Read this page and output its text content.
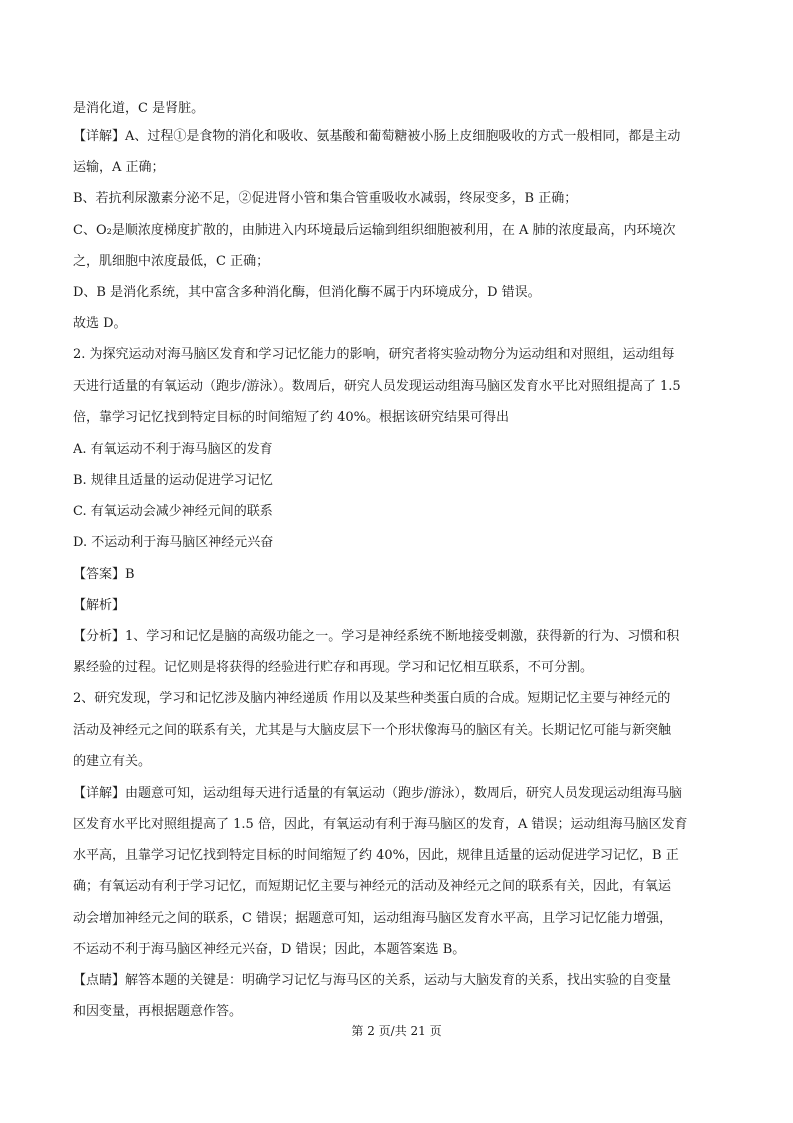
是消化道，C 是肾脏。
【详解】A、过程①是食物的消化和吸收、氨基酸和葡萄糖被小肠上皮细胞吸收的方式一般相同，都是主动
运输，A 正确；
B、若抗利尿激素分泌不足，②促进肾小管和集合管重吸收水减弱，终尿变多，B 正确；
C、O₂是顺浓度梯度扩散的，由肺进入内环境最后运输到组织细胞被利用，在 A 肺的浓度最高，内环境次
之，肌细胞中浓度最低，C 正确；
D、B 是消化系统，其中富含多种消化酶，但消化酶不属于内环境成分，D 错误。
故选 D。
2. 为探究运动对海马脑区发育和学习记忆能力的影响，研究者将实验动物分为运动组和对照组，运动组每
天进行适量的有氧运动（跑步/游泳）。数周后，研究人员发现运动组海马脑区发育水平比对照组提高了 1.5
倍，靠学习记忆找到特定目标的时间缩短了约 40%。根据该研究结果可得出
A. 有氧运动不利于海马脑区的发育
B. 规律且适量的运动促进学习记忆
C. 有氧运动会减少神经元间的联系
D. 不运动利于海马脑区神经元兴奋
【答案】B
【解析】
【分析】1、学习和记忆是脑的高级功能之一。学习是神经系统不断地接受刺激，获得新的行为、习惯和积
累经验的过程。记忆则是将获得的经验进行贮存和再现。学习和记忆相互联系，不可分割。
2、研究发现，学习和记忆涉及脑内神经递质 作用以及某些种类蛋白质的合成。短期记忆主要与神经元的
活动及神经元之间的联系有关，尤其是与大脑皮层下一个形状像海马的脑区有关。长期记忆可能与新突触
的建立有关。
【详解】由题意可知，运动组每天进行适量的有氧运动（跑步/游泳），数周后，研究人员发现运动组海马脑
区发育水平比对照组提高了 1.5 倍，因此，有氧运动有利于海马脑区的发育，A 错误；运动组海马脑区发育
水平高，且靠学习记忆找到特定目标的时间缩短了约 40%，因此，规律且适量的运动促进学习记忆，B 正
确；有氧运动有利于学习记忆，而短期记忆主要与神经元的活动及神经元之间的联系有关，因此，有氧运
动会增加神经元之间的联系，C 错误；据题意可知，运动组海马脑区发育水平高，且学习记忆能力增强，
不运动不利于海马脑区神经元兴奋，D 错误；因此，本题答案选 B。
【点睛】解答本题的关键是：明确学习记忆与海马区的关系，运动与大脑发育的关系，找出实验的自变量
和因变量，再根据题意作答。
第 2 页/共 21 页
